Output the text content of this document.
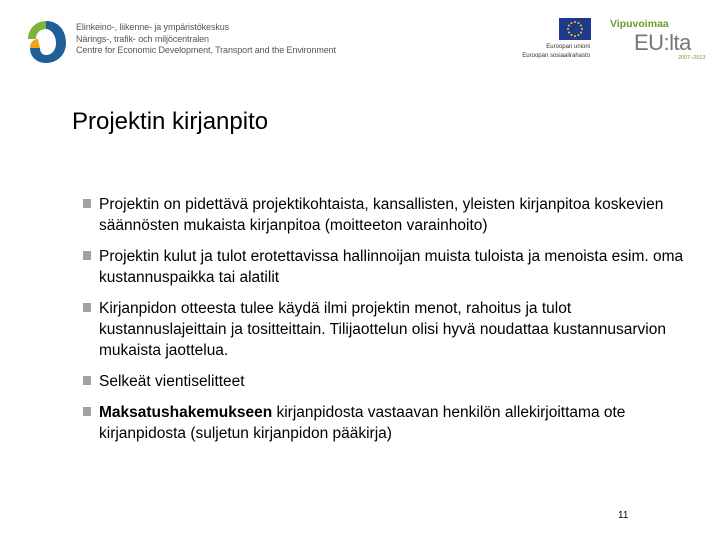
Elinkeino-, liikenne- ja ympäristökeskus
Närings-, trafik- och miljöcentralen
Centre for Economic Development, Transport and the Environment	Euroopan unioni
Euroopan sosiaalirahasto
Vipuvoimaa
EU:lta
2007–2013
Projektin kirjanpito
Projektin on pidettävä projektikohtaista, kansallisten, yleisten kirjanpitoa koskevien säännösten mukaista kirjanpitoa (moitteeton varainhoito)
Projektin kulut ja tulot erotettavissa hallinnoijan muista tuloista ja menoista esim. oma kustannuspaikka tai alatilit
Kirjanpidon otteesta tulee käydä ilmi projektin menot, rahoitus ja tulot kustannuslajeittain ja tositteittain. Tilijaottelun olisi hyvä noudattaa kustannusarvion mukaista jaottelua.
Selkeät vientiselitteet
Maksatushakemukseen kirjanpidosta vastaavan henkilön allekirjoittama ote kirjanpidosta (suljetun kirjanpidon pääkirja)
11
